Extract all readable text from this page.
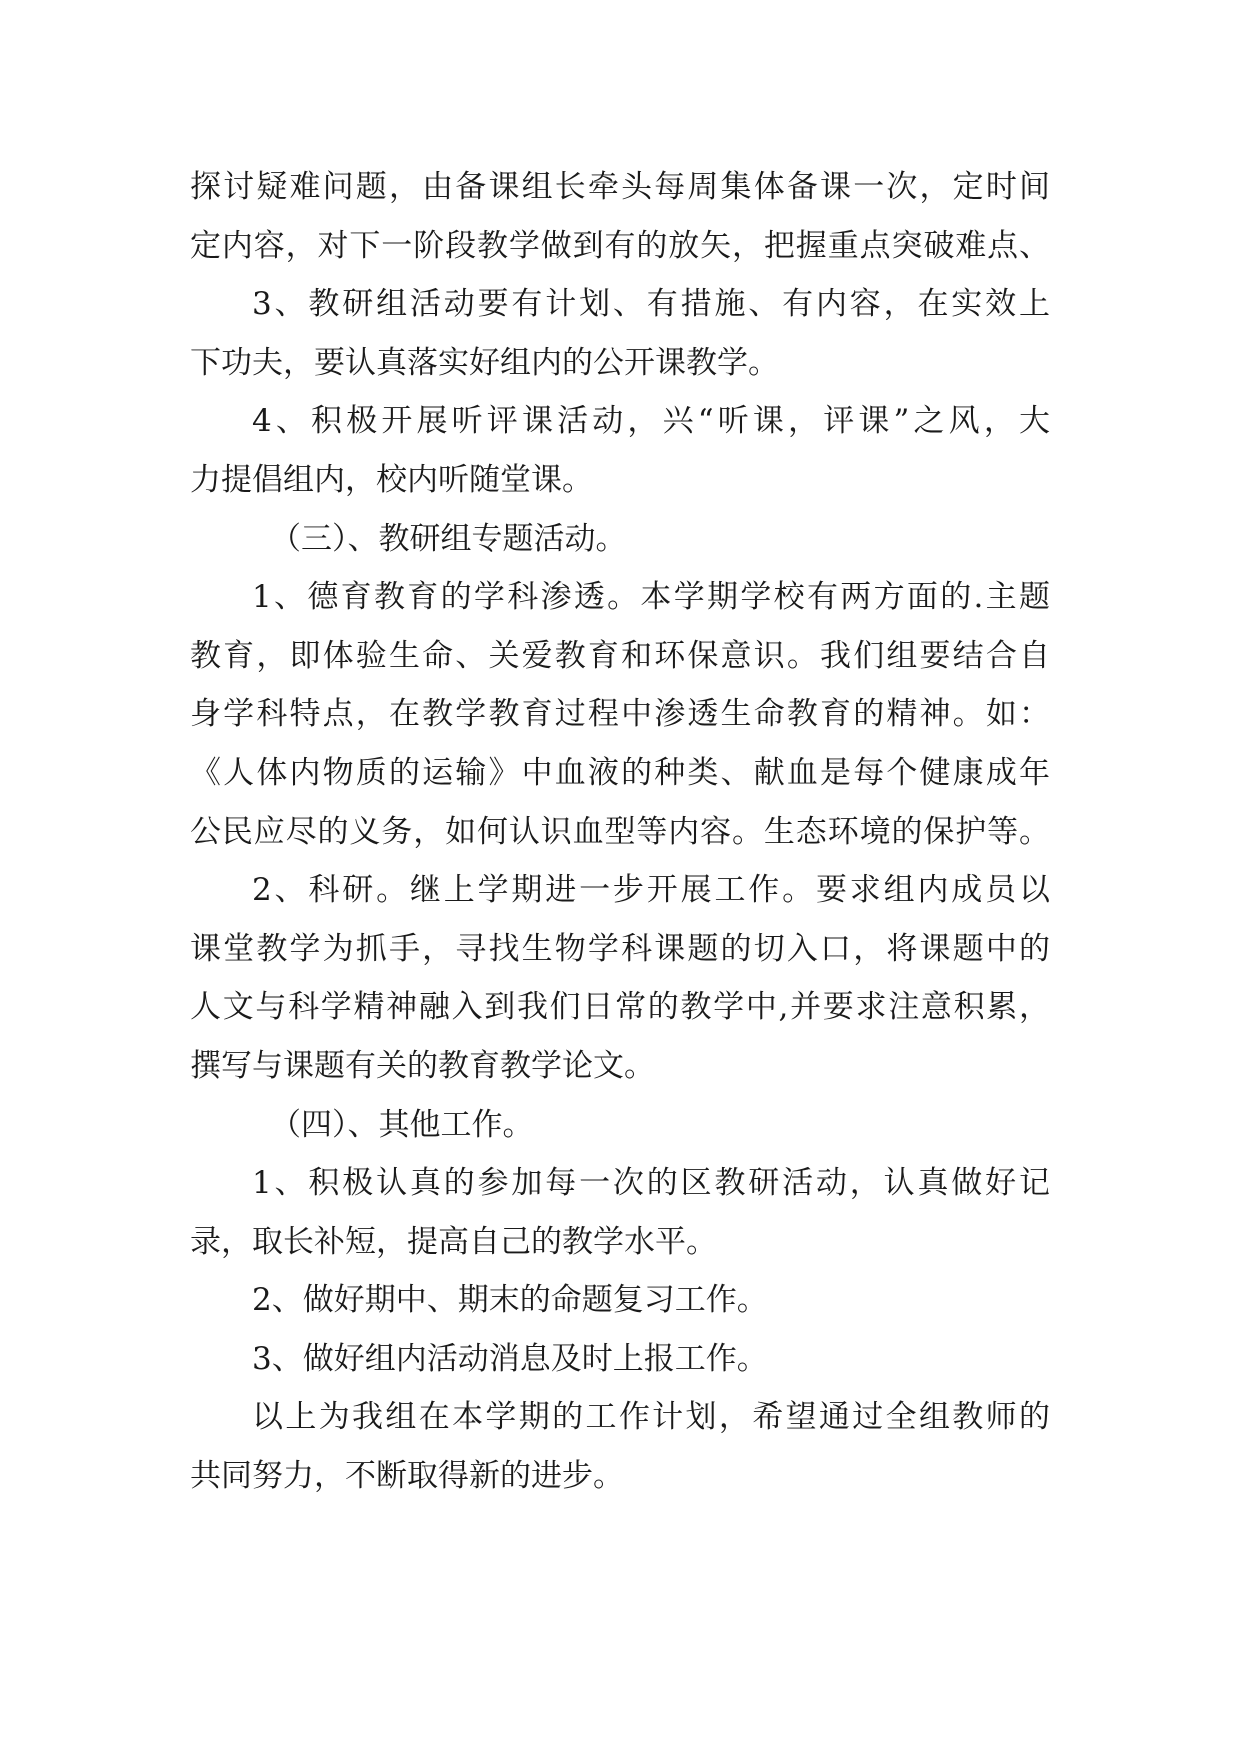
探讨疑难问题，由备课组长牵头每周集体备课一次，定时间
定内容，对下一阶段教学做到有的放矢，把握重点突破难点、
3、教研组活动要有计划、有措施、有内容，在实效上
下功夫，要认真落实好组内的公开课教学。
4、积极开展听评课活动，兴“听课，评课”之风，大
力提倡组内，校内听随堂课。
（三）、教研组专题活动。
1、德育教育的学科渗透。本学期学校有两方面的.主题
教育，即体验生命、关爱教育和环保意识。我们组要结合自
身学科特点，在教学教育过程中渗透生命教育的精神。如：
《人体内物质的运输》中血液的种类、献血是每个健康成年
公民应尽的义务，如何认识血型等内容。生态环境的保护等。
2、科研。继上学期进一步开展工作。要求组内成员以
课堂教学为抓手，寻找生物学科课题的切入口，将课题中的
人文与科学精神融入到我们日常的教学中,并要求注意积累，
撰写与课题有关的教育教学论文。
（四）、其他工作。
1、积极认真的参加每一次的区教研活动，认真做好记
录，取长补短，提高自己的教学水平。
2、做好期中、期末的命题复习工作。
3、做好组内活动消息及时上报工作。
以上为我组在本学期的工作计划，希望通过全组教师的
共同努力，不断取得新的进步。
